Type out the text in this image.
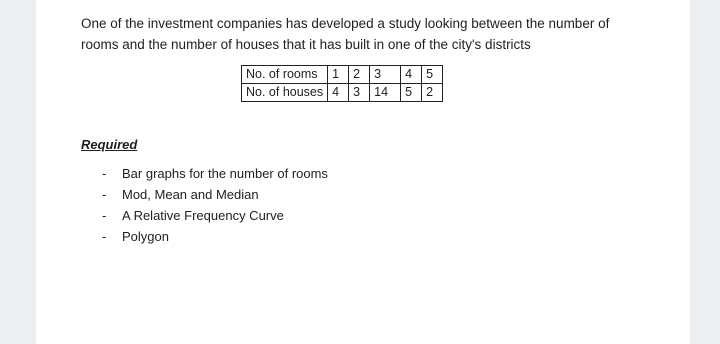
One of the investment companies has developed a study looking between the number of
rooms and the number of houses that it has built in one of the city's districts

No. of rooms	1	2	3	4	5
No. of houses	4	3	14	5	2

Required

- Bar graphs for the number of rooms
- Mod, Mean and Median
- A Relative Frequency Curve
- Polygon
